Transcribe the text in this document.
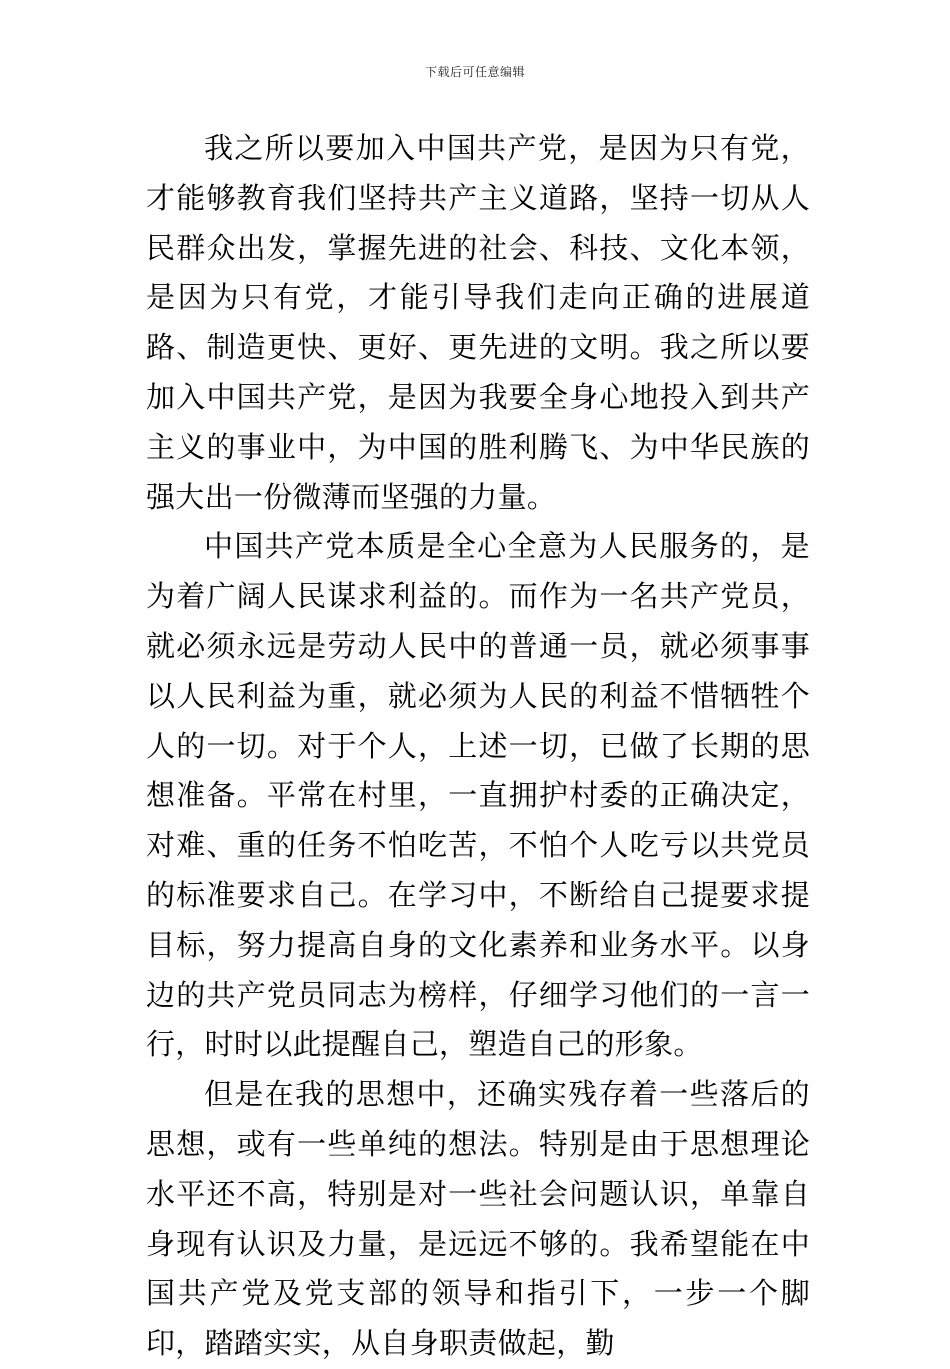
下载后可任意编辑

我之所以要加入中国共产党，是因为只有党，才能够教育我们坚持共产主义道路，坚持一切从人民群众出发，掌握先进的社会、科技、文化本领，是因为只有党，才能引导我们走向正确的进展道路、制造更快、更好、更先进的文明。我之所以要加入中国共产党，是因为我要全身心地投入到共产主义的事业中，为中国的胜利腾飞、为中华民族的强大出一份微薄而坚强的力量。

中国共产党本质是全心全意为人民服务的，是为着广阔人民谋求利益的。而作为一名共产党员，就必须永远是劳动人民中的普通一员，就必须事事以人民利益为重，就必须为人民的利益不惜牺牲个人的一切。对于个人，上述一切，已做了长期的思想准备。平常在村里，一直拥护村委的正确决定，对难、重的任务不怕吃苦，不怕个人吃亏以共党员的标准要求自己。在学习中，不断给自己提要求提目标，努力提高自身的文化素养和业务水平。以身边的共产党员同志为榜样，仔细学习他们的一言一行，时时以此提醒自己，塑造自己的形象。

但是在我的思想中，还确实残存着一些落后的思想，或有一些单纯的想法。特别是由于思想理论水平还不高，特别是对一些社会问题认识，单靠自身现有认识及力量，是远远不够的。我希望能在中国共产党及党支部的领导和指引下，一步一个脚印，踏踏实实，从自身职责做起，勤
